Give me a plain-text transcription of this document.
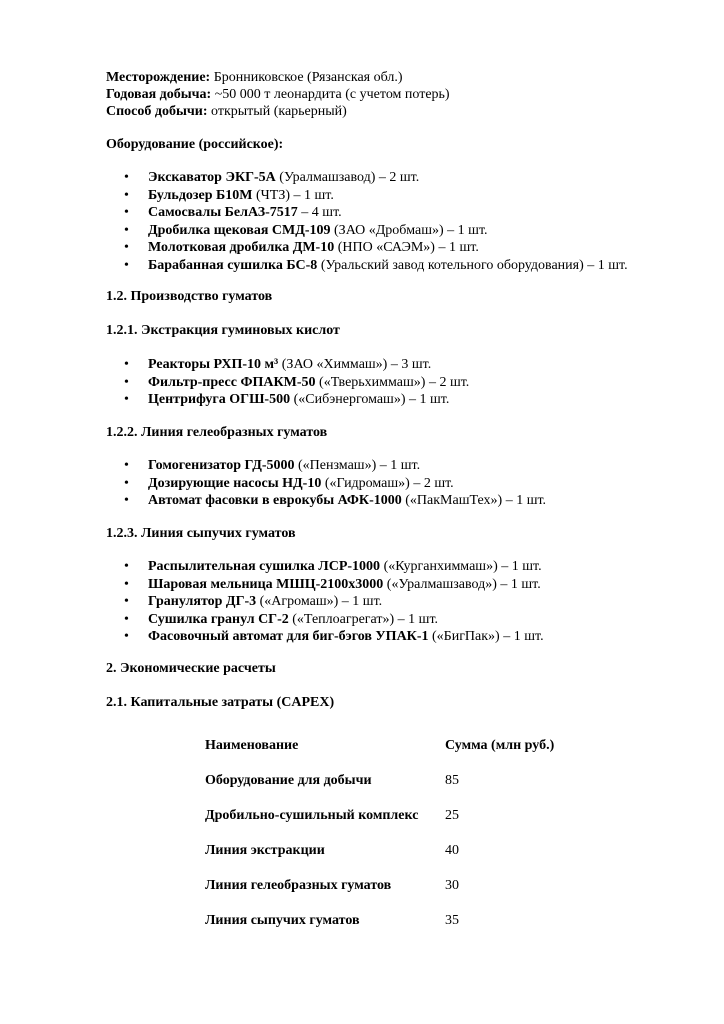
Месторождение: Бронниковское (Рязанская обл.)
Годовая добыча: ~50 000 т леонардита (с учетом потерь)
Способ добычи: открытый (карьерный)
Оборудование (российское):
• Экскаватор ЭКГ-5А (Уралмашзавод) – 2 шт.
• Бульдозер Б10М (ЧТЗ) – 1 шт.
• Самосвалы БелАЗ-7517 – 4 шт.
• Дробилка щековая СМД-109 (ЗАО «Дробмаш») – 1 шт.
• Молотковая дробилка ДМ-10 (НПО «САЭМ») – 1 шт.
• Барабанная сушилка БС-8 (Уральский завод котельного оборудования) – 1 шт.
1.2. Производство гуматов
1.2.1. Экстракция гуминовых кислот
• Реакторы РХП-10 м³ (ЗАО «Химмаш») – 3 шт.
• Фильтр-пресс ФПАКМ-50 («Тверьхиммаш») – 2 шт.
• Центрифуга ОГШ-500 («Сибэнергомаш») – 1 шт.
1.2.2. Линия гелеобразных гуматов
• Гомогенизатор ГД-5000 («Пензмаш») – 1 шт.
• Дозирующие насосы НД-10 («Гидромаш») – 2 шт.
• Автомат фасовки в еврокубы АФК-1000 («ПакМашТех») – 1 шт.
1.2.3. Линия сыпучих гуматов
• Распылительная сушилка ЛСР-1000 («Курганхиммаш») – 1 шт.
• Шаровая мельница МШЦ-2100х3000 («Уралмашзавод») – 1 шт.
• Гранулятор ДГ-3 («Агромаш») – 1 шт.
• Сушилка гранул СГ-2 («Теплоагрегат») – 1 шт.
• Фасовочный автомат для биг-бэгов УПАК-1 («БигПак») – 1 шт.
2. Экономические расчеты
2.1. Капитальные затраты (CAPEX)
Наименование	Сумма (млн руб.)
Оборудование для добычи	85
Дробильно-сушильный комплекс 25
Линия экстракции	40
Линия гелеобразных гуматов	30
Линия сыпучих гуматов	35
